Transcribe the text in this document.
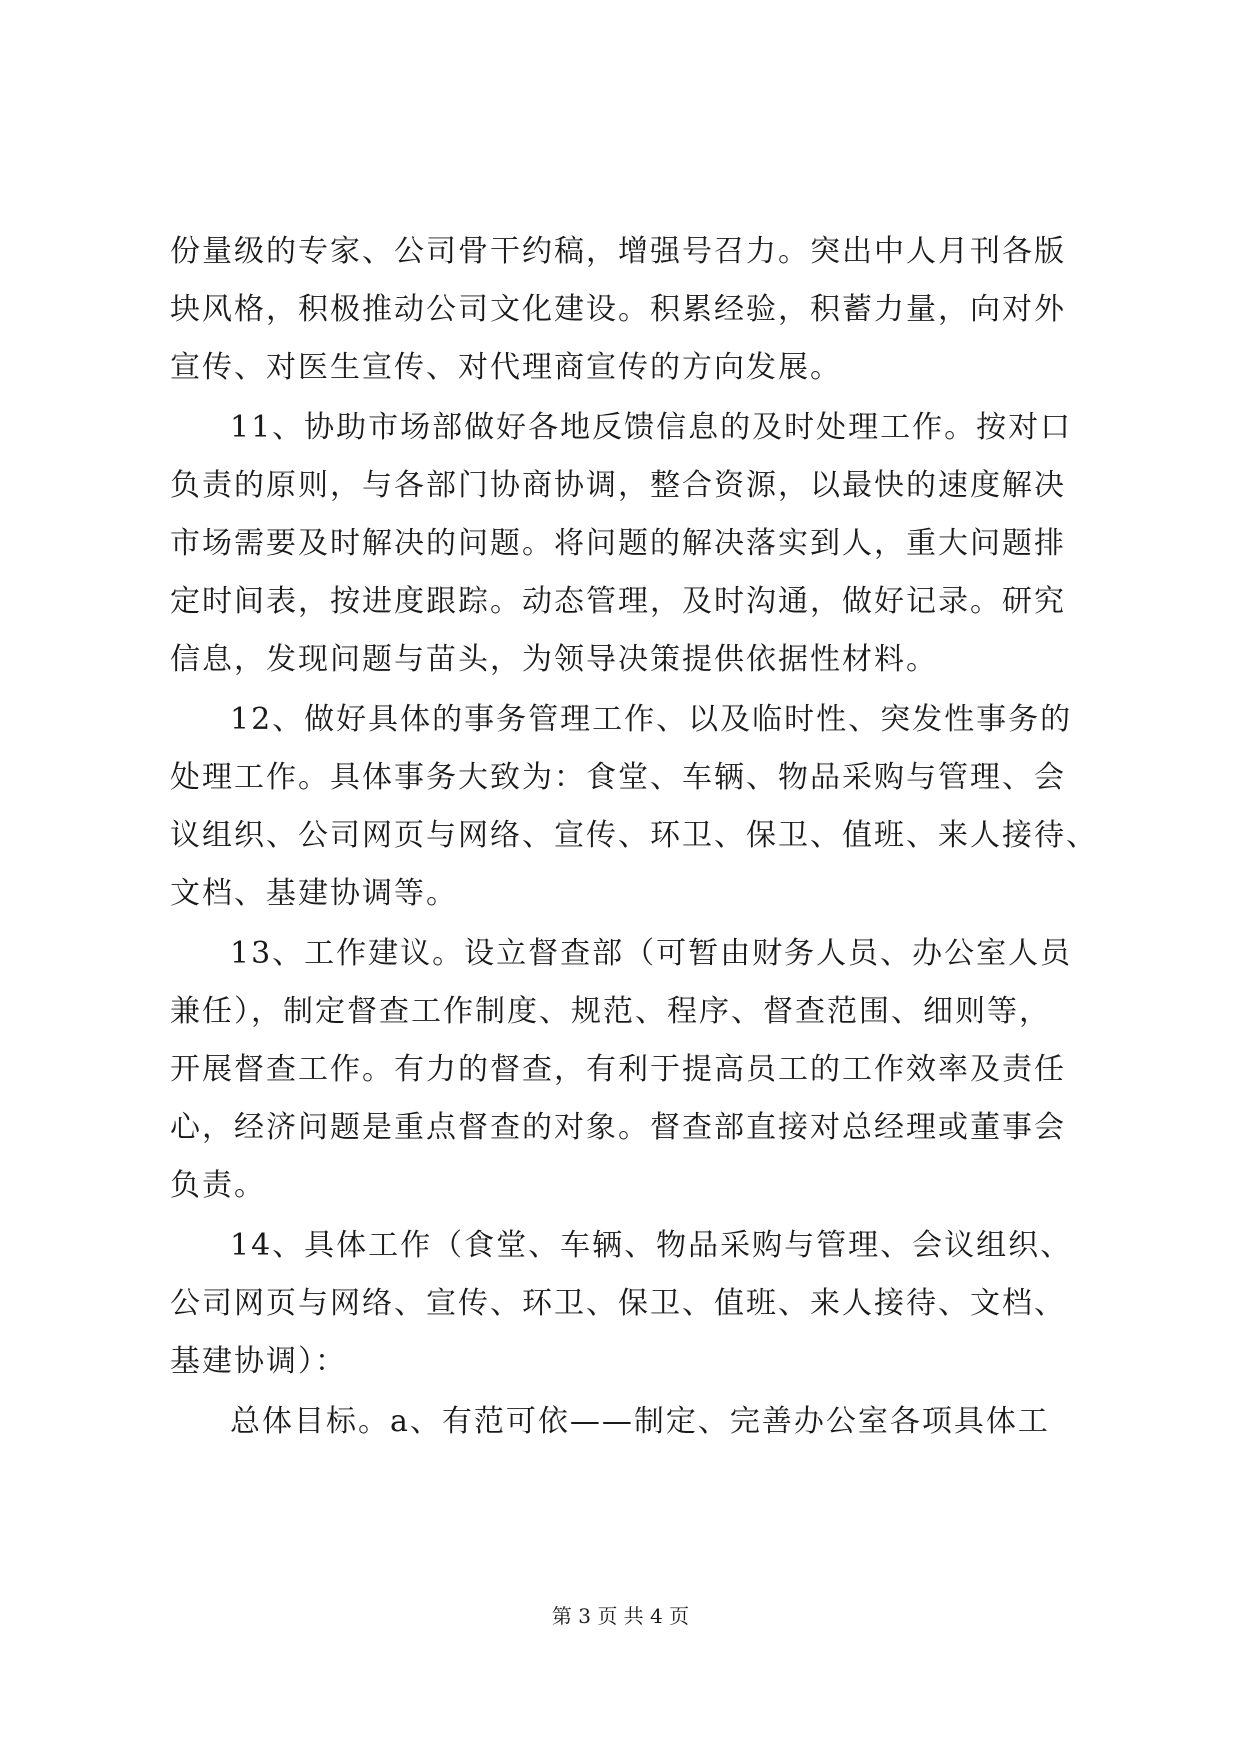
份量级的专家、公司骨干约稿，增强号召力。突出中人月刊各版
块风格，积极推动公司文化建设。积累经验，积蓄力量，向对外
宣传、对医生宣传、对代理商宣传的方向发展。
11、协助市场部做好各地反馈信息的及时处理工作。按对口
负责的原则，与各部门协商协调，整合资源，以最快的速度解决
市场需要及时解决的问题。将问题的解决落实到人，重大问题排
定时间表，按进度跟踪。动态管理，及时沟通，做好记录。研究
信息，发现问题与苗头，为领导决策提供依据性材料。
12、做好具体的事务管理工作、以及临时性、突发性事务的
处理工作。具体事务大致为：食堂、车辆、物品采购与管理、会
议组织、公司网页与网络、宣传、环卫、保卫、值班、来人接待、
文档、基建协调等。
13、工作建议。设立督查部（可暂由财务人员、办公室人员
兼任），制定督查工作制度、规范、程序、督查范围、细则等，
开展督查工作。有力的督查，有利于提高员工的工作效率及责任
心，经济问题是重点督查的对象。督查部直接对总经理或董事会
负责。
14、具体工作（食堂、车辆、物品采购与管理、会议组织、
公司网页与网络、宣传、环卫、保卫、值班、来人接待、文档、
基建协调）：
总体目标。a、有范可依——制定、完善办公室各项具体工
第 3 页 共 4 页
